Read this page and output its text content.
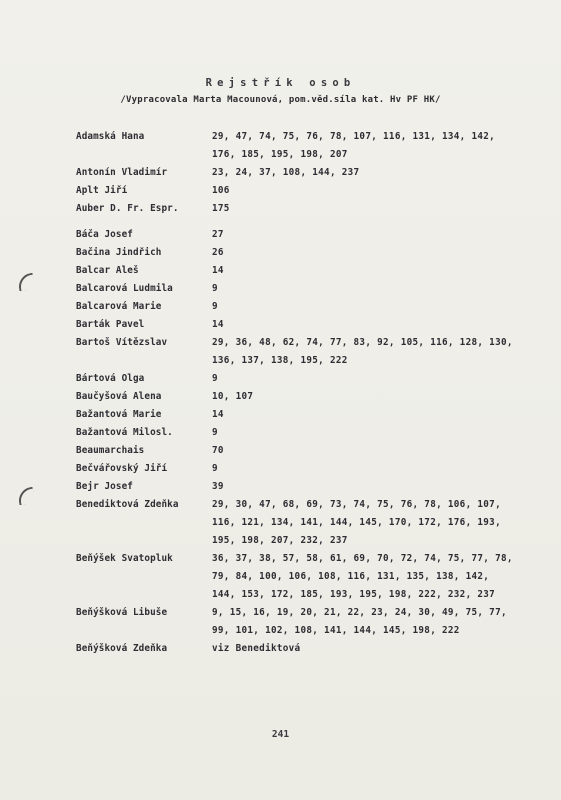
Rejstřík osob
/Vypracovala Marta Macounová, pom.věd.síla kat. Hv PF HK/
Adamská Hana	29, 47, 74, 75, 76, 78, 107, 116, 131, 134, 142, 176, 185, 195, 198, 207
Antonín Vladimír	23, 24, 37, 108, 144, 237
Aplt Jiří	106
Auber D. Fr. Espr.	175
Báča Josef	27
Bačina Jindřich	26
Balcar Aleš	14
Balcarová Ludmila	9
Balcarová Marie	9
Barták Pavel	14
Bartoš Vítězslav	29, 36, 48, 62, 74, 77, 83, 92, 105, 116, 128, 130, 136, 137, 138, 195, 222
Bártová Olga	9
Baučyšová Alena	10, 107
Bažantová Marie	14
Bažantová Milosl.	9
Beaumarchais	70
Bečvářovský Jiří	9
Bejr Josef	39
Benediktová Zdeňka	29, 30, 47, 68, 69, 73, 74, 75, 76, 78, 106, 107, 116, 121, 134, 141, 144, 145, 170, 172, 176, 193, 195, 198, 207, 232, 237
Beňýšek Svatopluk	36, 37, 38, 57, 58, 61, 69, 70, 72, 74, 75, 77, 78, 79, 84, 100, 106, 108, 116, 131, 135, 138, 142, 144, 153, 172, 185, 193, 195, 198, 222, 232, 237
Beňýšková Libuše	9, 15, 16, 19, 20, 21, 22, 23, 24, 30, 49, 75, 77, 99, 101, 102, 108, 141, 144, 145, 198, 222
Beňýšková Zdeňka	viz Benediktová
241
